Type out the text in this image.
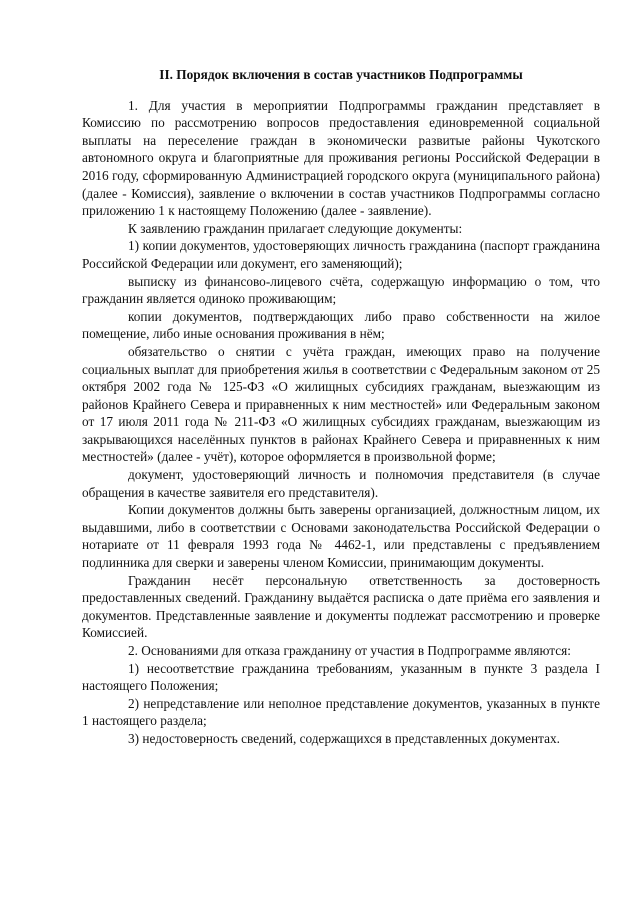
II. Порядок включения в состав участников Подпрограммы

1. Для участия в мероприятии Подпрограммы гражданин представляет в Комиссию по рассмотрению вопросов предоставления единовременной социальной выплаты на переселение граждан в экономически развитые районы Чукотского автономного округа и благоприятные для проживания регионы Российской Федерации в 2016 году, сформированную Администрацией городского округа (муниципального района) (далее - Комиссия), заявление о включении в состав участников Подпрограммы согласно приложению 1 к настоящему Положению (далее - заявление).

К заявлению гражданин прилагает следующие документы:

1) копии документов, удостоверяющих личность гражданина (паспорт гражданина Российской Федерации или документ, его заменяющий);

выписку из финансово-лицевого счёта, содержащую информацию о том, что гражданин является одиноко проживающим;

копии документов, подтверждающих либо право собственности на жилое помещение, либо иные основания проживания в нём;

обязательство о снятии с учёта граждан, имеющих право на получение социальных выплат для приобретения жилья в соответствии с Федеральным законом от 25 октября 2002 года № 125-ФЗ «О жилищных субсидиях гражданам, выезжающим из районов Крайнего Севера и приравненных к ним местностей» или Федеральным законом от 17 июля 2011 года № 211-ФЗ «О жилищных субсидиях гражданам, выезжающим из закрывающихся населённых пунктов в районах Крайнего Севера и приравненных к ним местностей» (далее - учёт), которое оформляется в произвольной форме;

документ, удостоверяющий личность и полномочия представителя (в случае обращения в качестве заявителя его представителя).

Копии документов должны быть заверены организацией, должностным лицом, их выдавшими, либо в соответствии с Основами законодательства Российской Федерации о нотариате от 11 февраля 1993 года № 4462-1, или представлены с предъявлением подлинника для сверки и заверены членом Комиссии, принимающим документы.

Гражданин несёт персональную ответственность за достоверность предоставленных сведений. Гражданину выдаётся расписка о дате приёма его заявления и документов. Представленные заявление и документы подлежат рассмотрению и проверке Комиссией.

2. Основаниями для отказа гражданину от участия в Подпрограмме являются:

1) несоответствие гражданина требованиям, указанным в пункте 3 раздела I настоящего Положения;

2) непредставление или неполное представление документов, указанных в пункте 1 настоящего раздела;

3) недостоверность сведений, содержащихся в представленных документах.
